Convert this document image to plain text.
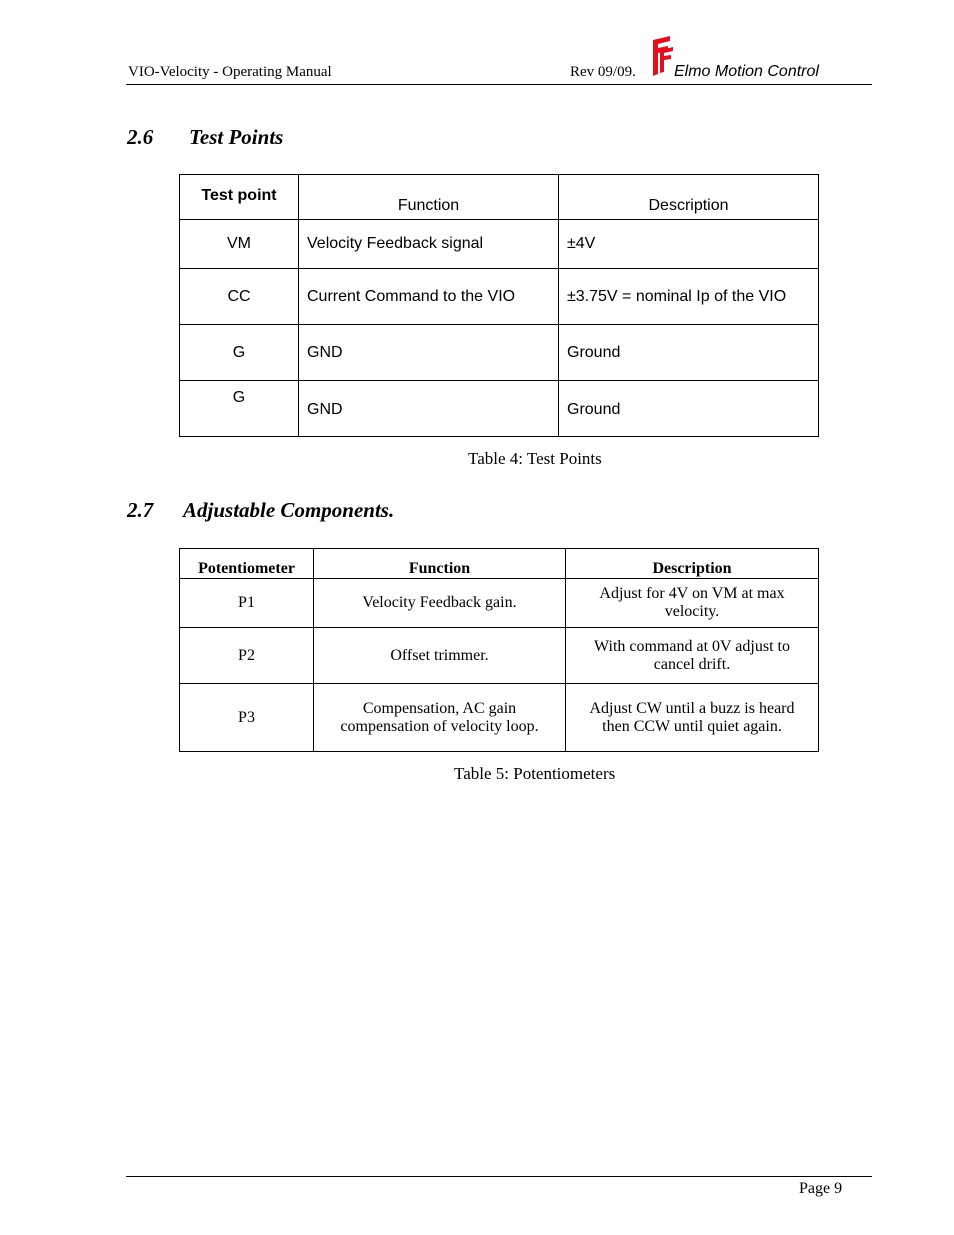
VIO-Velocity - Operating Manual	Rev 09/09. Elmo Motion Control
2.6 Test Points
Test point	Function	Description
VM	Velocity Feedback signal	±4V
CC	Current Command to the VIO	±3.75V = nominal Ip of the VIO
G	GND	Ground
G	GND	Ground
Table 4: Test Points
2.7 Adjustable Components.
Potentiometer	Function	Description
P1	Velocity Feedback gain.	Adjust for 4V on VM at max velocity.
P2	Offset trimmer.	With command at 0V adjust to cancel drift.
P3	Compensation, AC gain compensation of velocity loop.	Adjust CW until a buzz is heard then CCW until quiet again.
Table 5: Potentiometers
Page 9
